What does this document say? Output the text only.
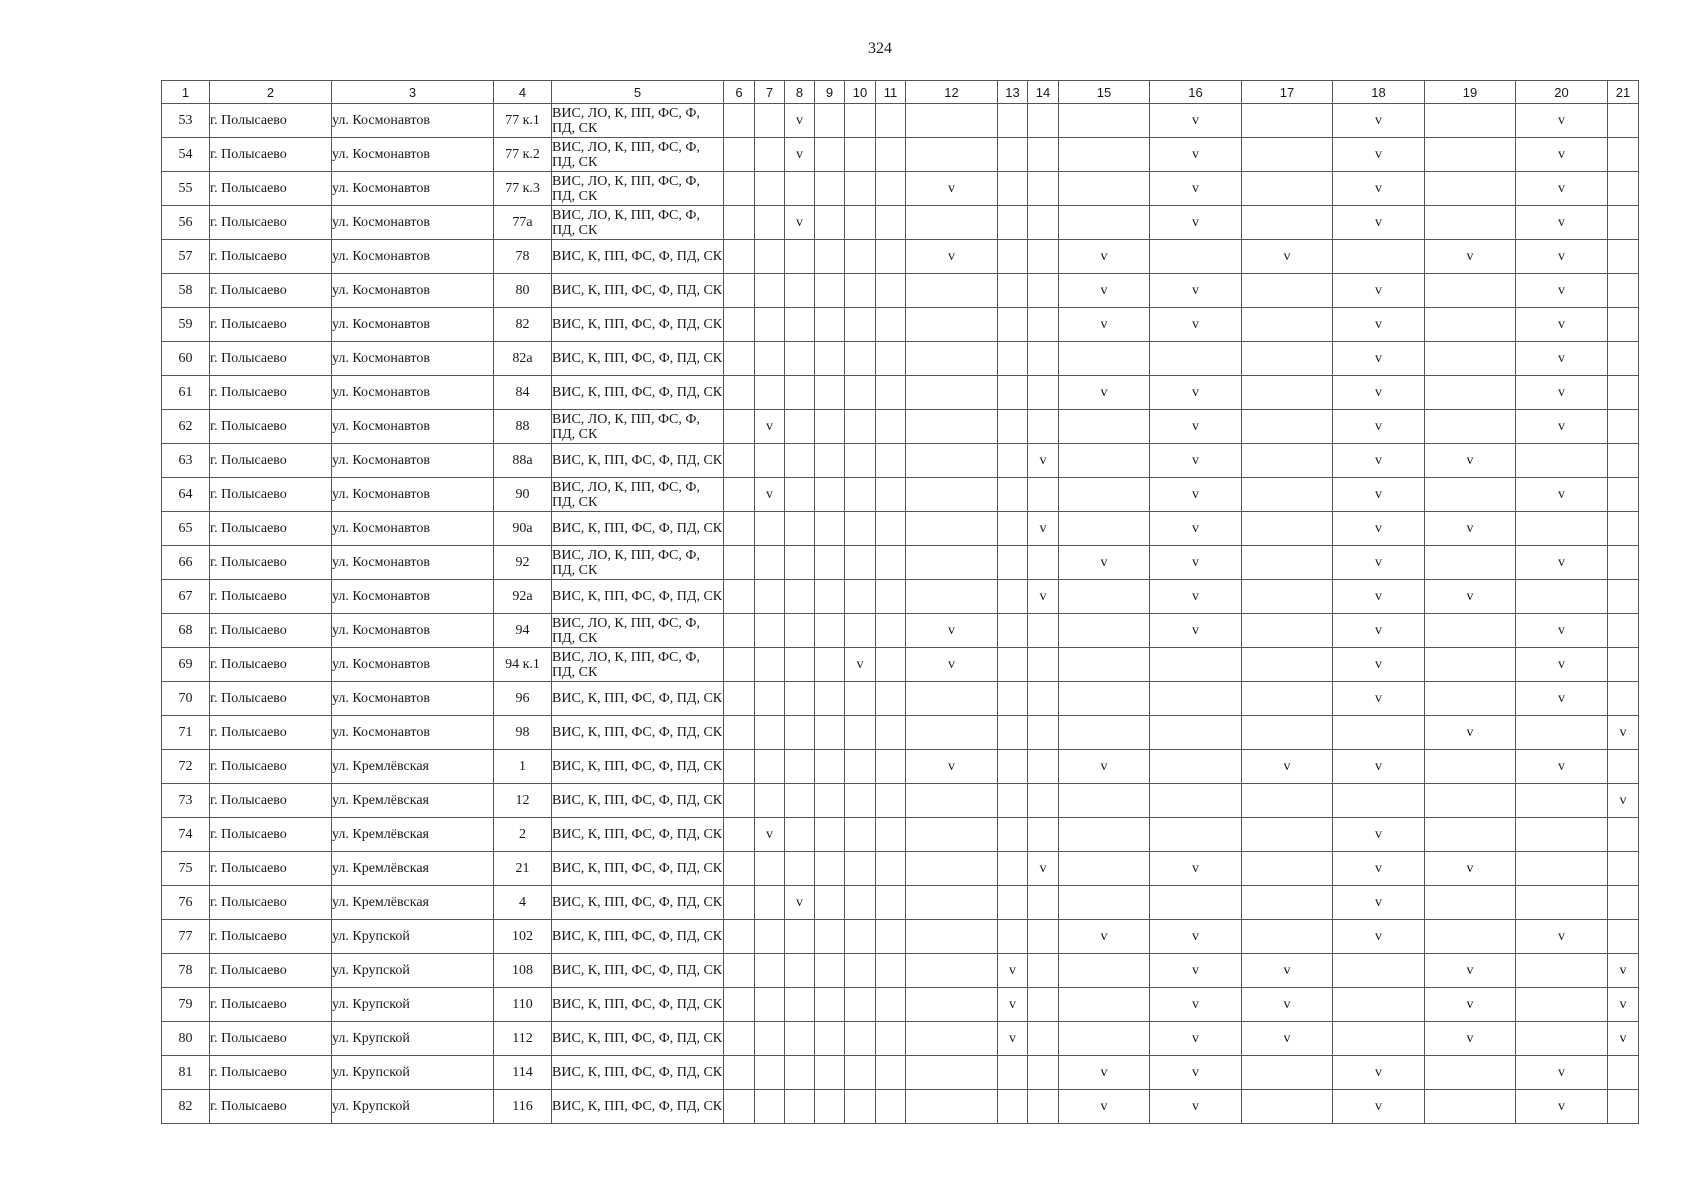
324
1	2	3	4	5	6	7	8	9	10	11	12	13	14	15	16	17	18	19	20	21
53	г. Полысаево	ул. Космонавтов	77 к.1	ВИС, ЛО, К, ПП, ФС, Ф, ПД, СК			v								v		v		v	
54	г. Полысаево	ул. Космонавтов	77 к.2	ВИС, ЛО, К, ПП, ФС, Ф, ПД, СК			v								v		v		v	
55	г. Полысаево	ул. Космонавтов	77 к.3	ВИС, ЛО, К, ПП, ФС, Ф, ПД, СК							v				v		v		v	
56	г. Полысаево	ул. Космонавтов	77а	ВИС, ЛО, К, ПП, ФС, Ф, ПД, СК			v								v		v		v	
57	г. Полысаево	ул. Космонавтов	78	ВИС, К, ПП, ФС, Ф, ПД, СК							v			v		v		v	v	
58	г. Полысаево	ул. Космонавтов	80	ВИС, К, ПП, ФС, Ф, ПД, СК										v	v		v		v	
59	г. Полысаево	ул. Космонавтов	82	ВИС, К, ПП, ФС, Ф, ПД, СК										v	v		v		v	
60	г. Полысаево	ул. Космонавтов	82а	ВИС, К, ПП, ФС, Ф, ПД, СК													v		v	
61	г. Полысаево	ул. Космонавтов	84	ВИС, К, ПП, ФС, Ф, ПД, СК										v	v		v		v	
62	г. Полысаево	ул. Космонавтов	88	ВИС, ЛО, К, ПП, ФС, Ф, ПД, СК		v									v		v		v	
63	г. Полысаево	ул. Космонавтов	88а	ВИС, К, ПП, ФС, Ф, ПД, СК									v		v		v	v		
64	г. Полысаево	ул. Космонавтов	90	ВИС, ЛО, К, ПП, ФС, Ф, ПД, СК		v									v		v		v	
65	г. Полысаево	ул. Космонавтов	90а	ВИС, К, ПП, ФС, Ф, ПД, СК									v		v		v	v		
66	г. Полысаево	ул. Космонавтов	92	ВИС, ЛО, К, ПП, ФС, Ф, ПД, СК										v	v		v		v	
67	г. Полысаево	ул. Космонавтов	92а	ВИС, К, ПП, ФС, Ф, ПД, СК									v		v		v	v		
68	г. Полысаево	ул. Космонавтов	94	ВИС, ЛО, К, ПП, ФС, Ф, ПД, СК							v				v		v		v	
69	г. Полысаево	ул. Космонавтов	94 к.1	ВИС, ЛО, К, ПП, ФС, Ф, ПД, СК					v		v						v		v	
70	г. Полысаево	ул. Космонавтов	96	ВИС, К, ПП, ФС, Ф, ПД, СК													v		v	
71	г. Полысаево	ул. Космонавтов	98	ВИС, К, ПП, ФС, Ф, ПД, СК														v		v
72	г. Полысаево	ул. Кремлёвская	1	ВИС, К, ПП, ФС, Ф, ПД, СК							v			v		v	v		v	
73	г. Полысаево	ул. Кремлёвская	12	ВИС, К, ПП, ФС, Ф, ПД, СК																v
74	г. Полысаево	ул. Кремлёвская	2	ВИС, К, ПП, ФС, Ф, ПД, СК		v											v			
75	г. Полысаево	ул. Кремлёвская	21	ВИС, К, ПП, ФС, Ф, ПД, СК									v		v		v	v		
76	г. Полысаево	ул. Кремлёвская	4	ВИС, К, ПП, ФС, Ф, ПД, СК			v										v			
77	г. Полысаево	ул. Крупской	102	ВИС, К, ПП, ФС, Ф, ПД, СК										v	v		v		v	
78	г. Полысаево	ул. Крупской	108	ВИС, К, ПП, ФС, Ф, ПД, СК								v			v	v		v		v
79	г. Полысаево	ул. Крупской	110	ВИС, К, ПП, ФС, Ф, ПД, СК								v			v	v		v		v
80	г. Полысаево	ул. Крупской	112	ВИС, К, ПП, ФС, Ф, ПД, СК								v			v	v		v		v
81	г. Полысаево	ул. Крупской	114	ВИС, К, ПП, ФС, Ф, ПД, СК										v	v		v		v	
82	г. Полысаево	ул. Крупской	116	ВИС, К, ПП, ФС, Ф, ПД, СК										v	v		v		v	
